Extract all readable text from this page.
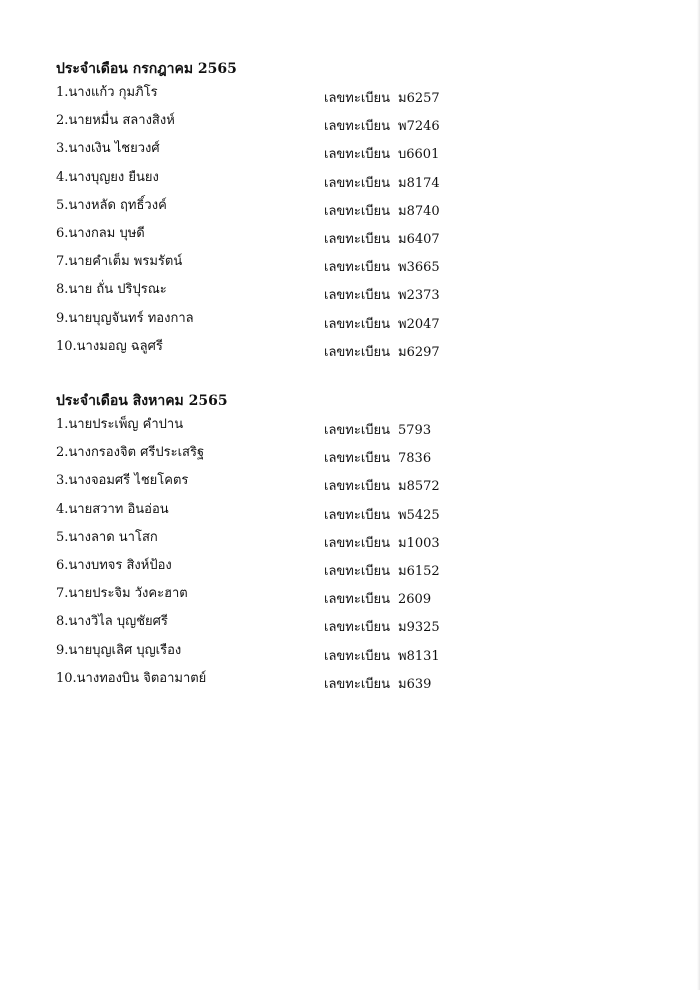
ประจำเดือน กรกฎาคม 2565
1.นางแก้ว กุมภิโร	เลขทะเบียน ม6257
2.นายหมื่น สลางสิงห์	เลขทะเบียน พ7246
3.นางเงิน ไชยวงศ์	เลขทะเบียน บ6601
4.นางบุญยง ยืนยง	เลขทะเบียน ม8174
5.นางหลัด ฤทธิ์วงค์	เลขทะเบียน ม8740
6.นางกลม บุษดี	เลขทะเบียน ม6407
7.นายคำเต็ม พรมรัตน์	เลขทะเบียน พ3665
8.นาย ถั่น ปริปุรณะ	เลขทะเบียน พ2373
9.นายบุญจันทร์ ทองกาล	เลขทะเบียน พ2047
10.นางมอญ ฉลูศรี	เลขทะเบียน ม6297
ประจำเดือน สิงหาคม 2565
1.นายประเพ็ญ คำปาน	เลขทะเบียน 5793
2.นางกรองจิต ศรีประเสริฐ	เลขทะเบียน 7836
3.นางจอมศรี ไชยโคตร	เลขทะเบียน ม8572
4.นายสวาท อินอ่อน	เลขทะเบียน พ5425
5.นางลาด นาโสก	เลขทะเบียน ม1003
6.นางบทจร สิงห์ป้อง	เลขทะเบียน ม6152
7.นายประจิม วังคะฮาต	เลขทะเบียน 2609
8.นางวิไล บุญชัยศรี	เลขทะเบียน ม9325
9.นายบุญเลิศ บุญเรือง	เลขทะเบียน พ8131
10.นางทองบิน จิตอามาตย์	เลขทะเบียน ม639
